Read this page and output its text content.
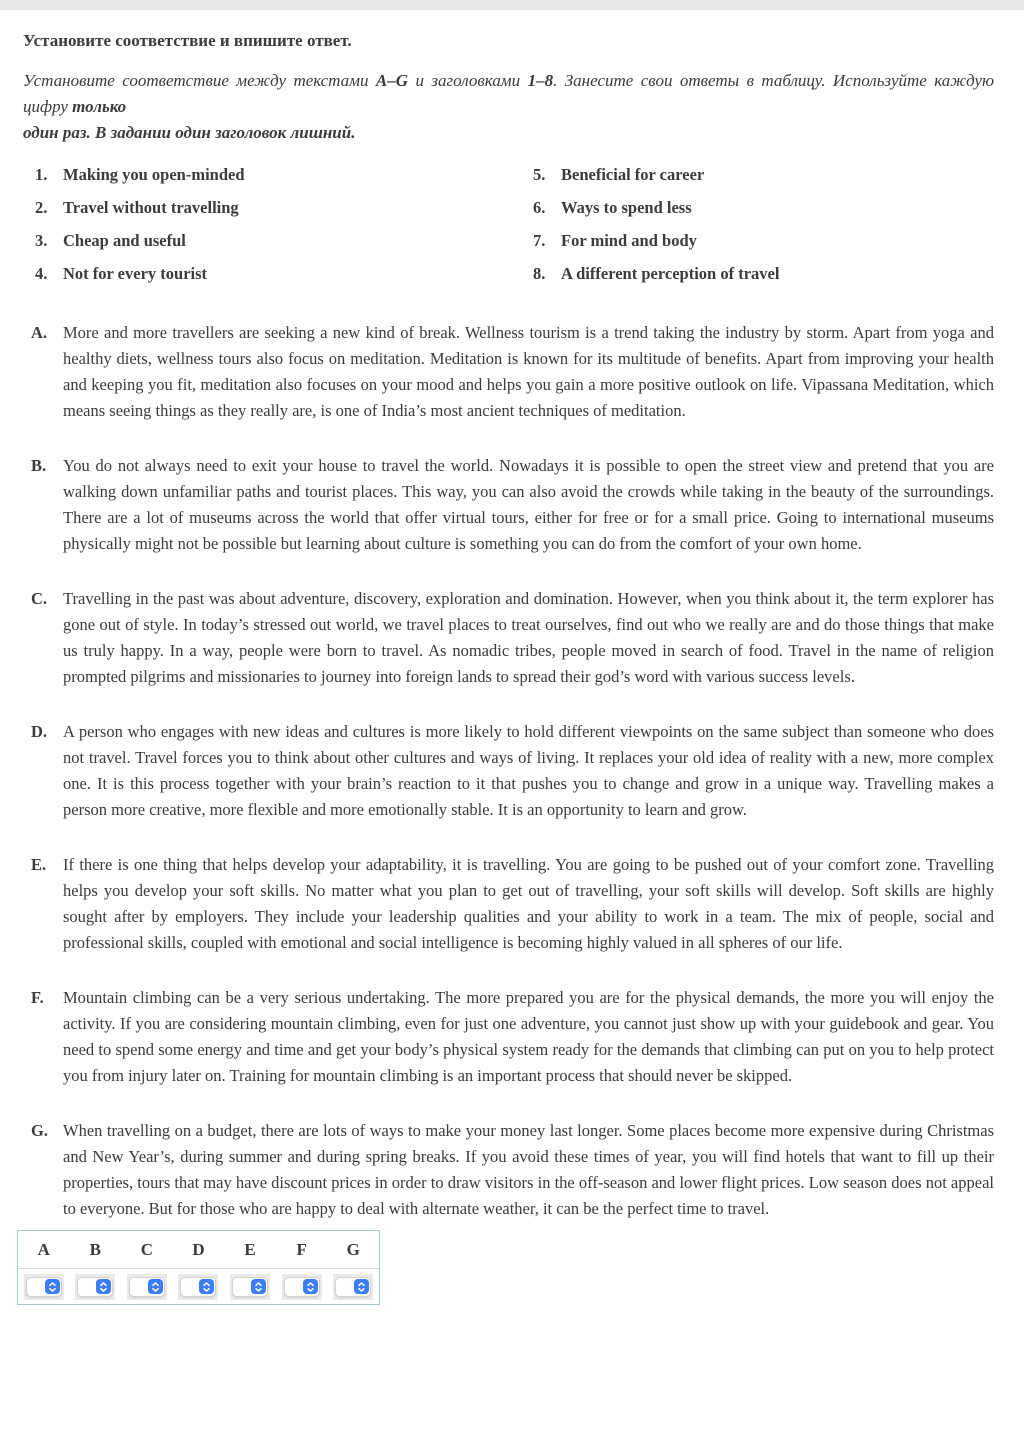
Установите соответствие и впишите ответ.

Установите соответствие между текстами А–G и заголовками 1–8. Занесите свои ответы в таблицу. Используйте каждую цифру только

один раз. В задании один заголовок лишний.

1. Making you open-minded
2. Travel without travelling
3. Cheap and useful
4. Not for every tourist
5. Beneficial for career
6. Ways to spend less
7. For mind and body
8. A different perception of travel
A. More and more travellers are seeking a new kind of break. Wellness tourism is a trend taking the industry by storm. Apart from yoga and healthy diets, wellness tours also focus on meditation. Meditation is known for its multitude of benefits. Apart from improving your health and keeping you fit, meditation also focuses on your mood and helps you gain a more positive outlook on life. Vipassana Meditation, which means seeing things as they really are, is one of India’s most ancient techniques of meditation.

B.	You do not always need to exit your house to travel the world. Nowadays it is possible to open the street view and pretend that you are walking down unfamiliar paths and tourist places. This way, you can also avoid the crowds while taking in the beauty of the surroundings. There are a lot of museums across the world that offer virtual tours, either for free or for a small price. Going to international museums physically might not be possible but learning about culture is something you can do from the comfort of your own home.

C. Travelling in the past was about adventure, discovery, exploration and domination. However, when you think about it, the term explorer has gone out of style. In today’s stressed out world, we travel places to treat ourselves, find out who we really are and do those things that make us truly happy. In a way, people were born to travel. As nomadic tribes, people moved in search of food. Travel in the name of religion prompted pilgrims and missionaries to journey into foreign lands to spread their god’s word with various success levels.

D. A person who engages with new ideas and cultures is more likely to hold different viewpoints on the same subject than someone who does not travel. Travel forces you to think about other cultures and ways of living. It replaces your old idea of reality with a new, more complex one. It is this process together with your brain’s reaction to it that pushes you to change and grow in a unique way. Travelling makes a person more creative, more flexible and more emotionally stable. It is an opportunity to learn and grow.

E.	If there is one thing that helps develop your adaptability, it is travelling. You are going to be pushed out of your comfort zone. Travelling helps you develop your soft skills. No matter what you plan to get out of travelling, your soft skills will develop. Soft skills are highly sought after by employers. They include your leadership qualities and your ability to work in a team. The mix of people, social and professional skills, coupled with emotional and social intelligence is becoming highly valued in all spheres of our life.

F.	Mountain climbing can be a very serious undertaking. The more prepared you are for the physical demands, the more you will enjoy the activity. If you are considering mountain climbing, even for just one adventure, you cannot just show up with your guidebook and gear. You need to spend some energy and time and get your body’s physical system ready for the demands that climbing can put on you to help protect you from injury later on. Training for mountain climbing is an important process that should never be skipped.

G. When travelling on a budget, there are lots of ways to make your money last longer. Some places become more expensive during Christmas and New Year’s, during summer and during spring breaks. If you avoid these times of year, you will find hotels that want to fill up their properties, tours that may have discount prices in order to draw visitors in the off-season and lower flight prices. Low season does not appeal to everyone. But for those who are happy to deal with alternate weather, it can be the perfect time to travel.

A	B	C	D	E	F	G
